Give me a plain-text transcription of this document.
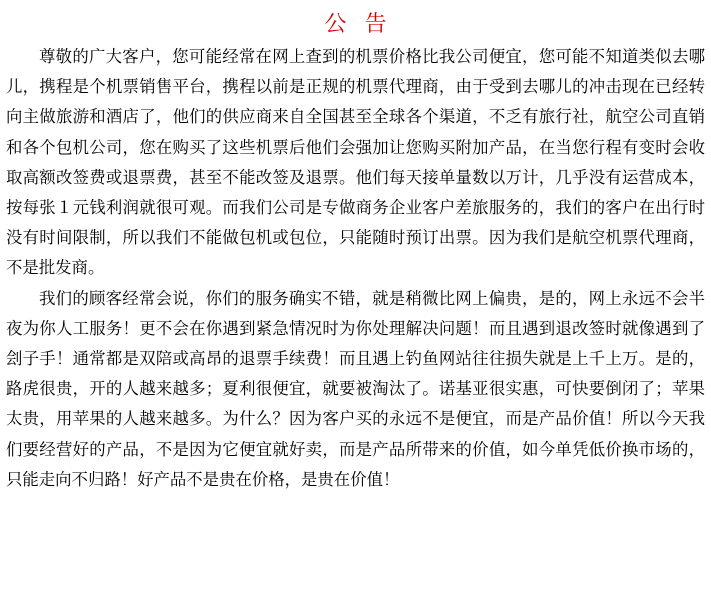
公告

尊敬的广大客户，您可能经常在网上查到的机票价格比我公司便宜，您可能不知道类似去哪儿，携程是个机票销售平台，携程以前是正规的机票代理商，由于受到去哪儿的冲击现在已经转向主做旅游和酒店了，他们的供应商来自全国甚至全球各个渠道，不乏有旅行社，航空公司直销和各个包机公司，您在购买了这些机票后他们会强加让您购买附加产品，在当您行程有变时会收取高额改签费或退票费，甚至不能改签及退票。他们每天接单量数以万计，几乎没有运营成本，按每张１元钱利润就很可观。而我们公司是专做商务企业客户差旅服务的，我们的客户在出行时没有时间限制，所以我们不能做包机或包位，只能随时预订出票。因为我们是航空机票代理商，不是批发商。

我们的顾客经常会说，你们的服务确实不错，就是稍微比网上偏贵，是的，网上永远不会半夜为你人工服务！更不会在你遇到紧急情况时为你处理解决问题！而且遇到退改签时就像遇到了刽子手！通常都是双陪或高昂的退票手续费！而且遇上钓鱼网站往往损失就是上千上万。是的，路虎很贵，开的人越来越多；夏利很便宜，就要被淘汰了。诺基亚很实惠，可快要倒闭了；苹果太贵，用苹果的人越来越多。为什么？因为客户买的永远不是便宜，而是产品价值！所以今天我们要经营好的产品，不是因为它便宜就好卖，而是产品所带来的价值，如今单凭低价换市场的，只能走向不归路！好产品不是贵在价格，是贵在价值！
